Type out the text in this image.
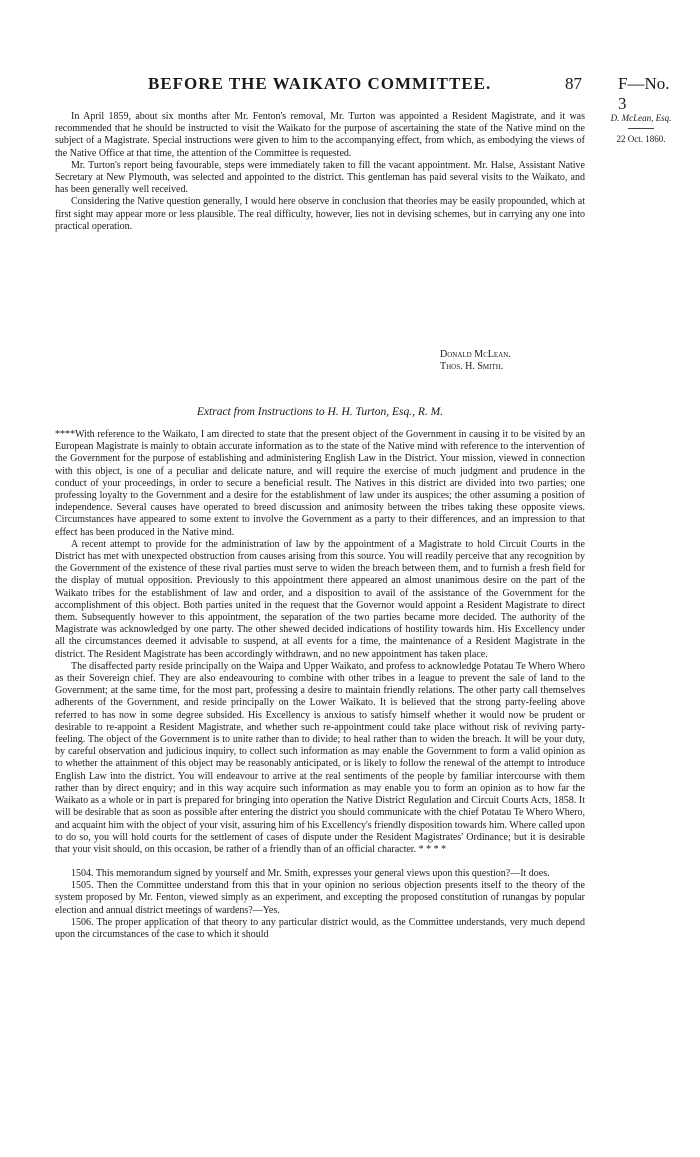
BEFORE THE WAIKATO COMMITTEE.	87 F—No. 3
D. McLean, Esq.
22 Oct. 1860.

In April 1859, about six months after Mr. Fenton's removal, Mr. Turton was appointed a Resident Magistrate, and it was recommended that he should be instructed to visit the Waikato for the purpose of ascertaining the state of the Native mind on the subject of a Magistrate. Special instructions were given to him to the accompanying effect, from which, as embodying the views of the Native Office at that time, the attention of the Committee is requested.

Mr. Turton's report being favourable, steps were immediately taken to fill the vacant appointment. Mr. Halse, Assistant Native Secretary at New Plymouth, was selected and appointed to the district. This gentleman has paid several visits to the Waikato, and has been generally well received.

Considering the Native question generally, I would here observe in conclusion that theories may be easily propounded, which at first sight may appear more or less plausible. The real difficulty, however, lies not in devising schemes, but in carrying any one into practical operation.

Donald McLean.
Thos. H. Smith.
Extract from Instructions to H. H. Turton, Esq., R. M.

****With reference to the Waikato, I am directed to state that the present object of the Government in causing it to be visited by an European Magistrate is mainly to obtain accurate information as to the state of the Native mind with reference to the intervention of the Government for the purpose of establishing and administering English Law in the District. Your mission, viewed in connection with this object, is one of a peculiar and delicate nature, and will require the exercise of much judgment and prudence in the conduct of your proceedings, in order to secure a beneficial result. The Natives in this district are divided into two parties; one professing loyalty to the Government and a desire for the establishment of law under its auspices; the other assuming a position of independence. Several causes have operated to breed discussion and animosity between the tribes taking these opposite views. Circumstances have appeared to some extent to involve the Government as a party to their differences, and an impression to that effect has been produced in the Native mind.

A recent attempt to provide for the administration of law by the appointment of a Magistrate to hold Circuit Courts in the District has met with unexpected obstruction from causes arising from this source. You will readily perceive that any recognition by the Government of the existence of these rival parties must serve to widen the breach between them, and to furnish a fresh field for the display of mutual opposition. Previously to this appointment there appeared an almost unanimous desire on the part of the Waikato tribes for the establishment of law and order, and a disposition to avail of the assistance of the Government for the accomplishment of this object. Both parties united in the request that the Governor would appoint a Resident Magistrate to direct them. Subsequently however to this appointment, the separation of the two parties became more decided. The authority of the Magistrate was acknowledged by one party. The other shewed decided indications of hostility towards him. His Excellency under all the circumstances deemed it advisable to suspend, at all events for a time, the maintenance of a Resident Magistrate in the district. The Resident Magistrate has been accordingly withdrawn, and no new appointment has taken place.

The disaffected party reside principally on the Waipa and Upper Waikato, and profess to acknowledge Potatau Te Whero Whero as their Sovereign chief. They are also endeavouring to combine with other tribes in a league to prevent the sale of land to the Government; at the same time, for the most part, professing a desire to maintain friendly relations. The other party call themselves adherents of the Government, and reside principally on the Lower Waikato. It is believed that the strong party-feeling above referred to has now in some degree subsided. His Excellency is anxious to satisfy himself whether it would now be prudent or desirable to re-appoint a Resident Magistrate, and whether such re-appointment could take place without risk of reviving party-feeling. The object of the Government is to unite rather than to divide; to heal rather than to widen the breach. It will be your duty, by careful observation and judicious inquiry, to collect such information as may enable the Government to form a valid opinion as to whether the attainment of this object may be reasonably anticipated, or is likely to follow the renewal of the attempt to introduce English Law into the district. You will endeavour to arrive at the real sentiments of the people by familiar intercourse with them rather than by direct enquiry; and in this way acquire such information as may enable you to form an opinion as to how far the Waikato as a whole or in part is prepared for bringing into operation the Native District Regulation and Circuit Courts Acts, 1858. It will be desirable that as soon as possible after entering the district you should communicate with the chief Potatau Te Whero Whero, and acquaint him with the object of your visit, assuring him of his Excellency's friendly disposition towards him. Where called upon to do so, you will hold courts for the settlement of cases of dispute under the Resident Magistrates' Ordinance; but it is desirable that your visit should, on this occasion, be rather of a friendly than of an official character. * * * *

1504. This memorandum signed by yourself and Mr. Smith, expresses your general views upon this question?—It does.

1505. Then the Committee understand from this that in your opinion no serious objection presents itself to the theory of the system proposed by Mr. Fenton, viewed simply as an experiment, and excepting the proposed constitution of runangas by popular election and annual district meetings of wardens?—Yes.

1506. The proper application of that theory to any particular district would, as the Committee understands, very much depend upon the circumstances of the case to which it should
